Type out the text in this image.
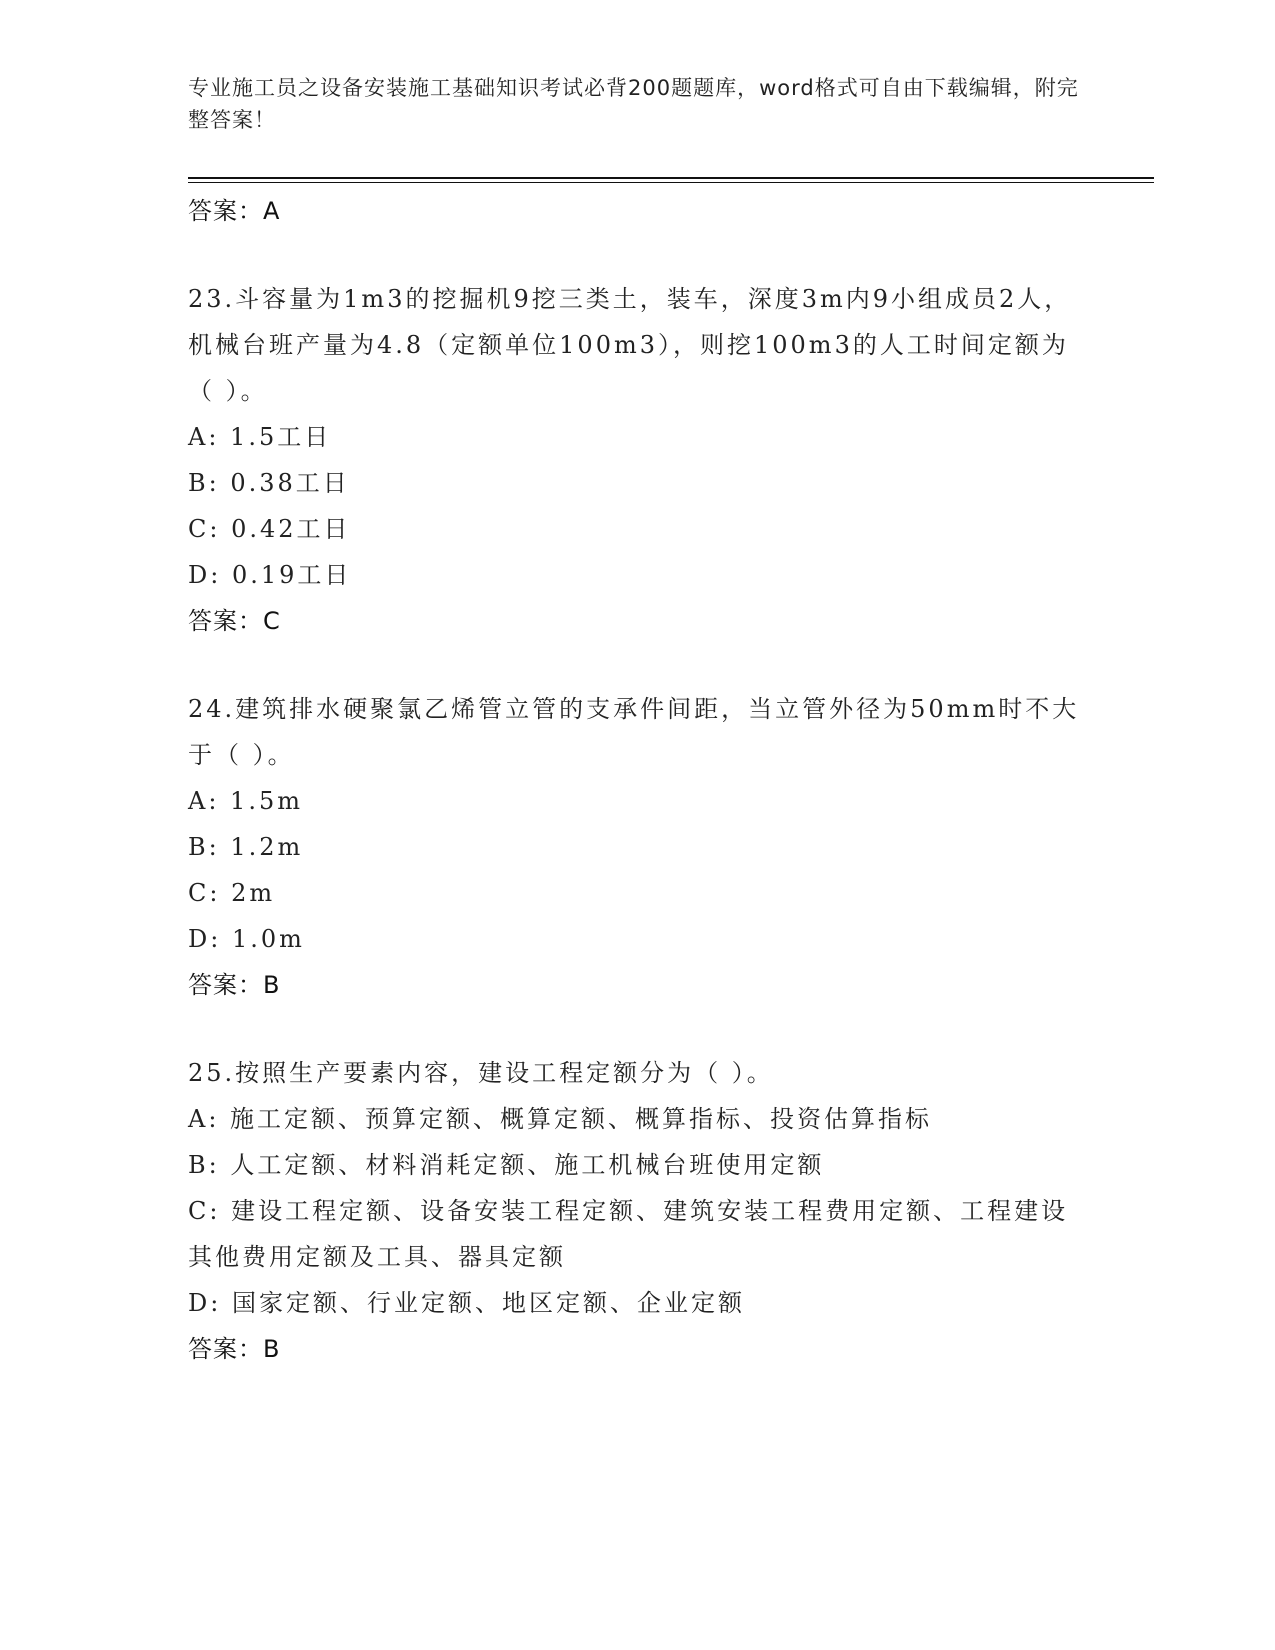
专业施工员之设备安装施工基础知识考试必背200题题库，word格式可自由下载编辑，附完整答案！
答案：A
23.斗容量为1m3的挖掘机9挖三类土，装车，深度3m内9小组成员2人，机械台班产量为4.8（定额单位100m3），则挖100m3的人工时间定额为（ ）。
A: 1.5工日
B: 0.38工日
C: 0.42工日
D: 0.19工日
答案：C
24.建筑排水硬聚氯乙烯管立管的支承件间距，当立管外径为50mm时不大于（ ）。
A: 1.5m
B: 1.2m
C: 2m
D: 1.0m
答案：B
25.按照生产要素内容，建设工程定额分为（ ）。
A: 施工定额、预算定额、概算定额、概算指标、投资估算指标
B: 人工定额、材料消耗定额、施工机械台班使用定额
C: 建设工程定额、设备安装工程定额、建筑安装工程费用定额、工程建设其他费用定额及工具、器具定额
D: 国家定额、行业定额、地区定额、企业定额
答案：B
